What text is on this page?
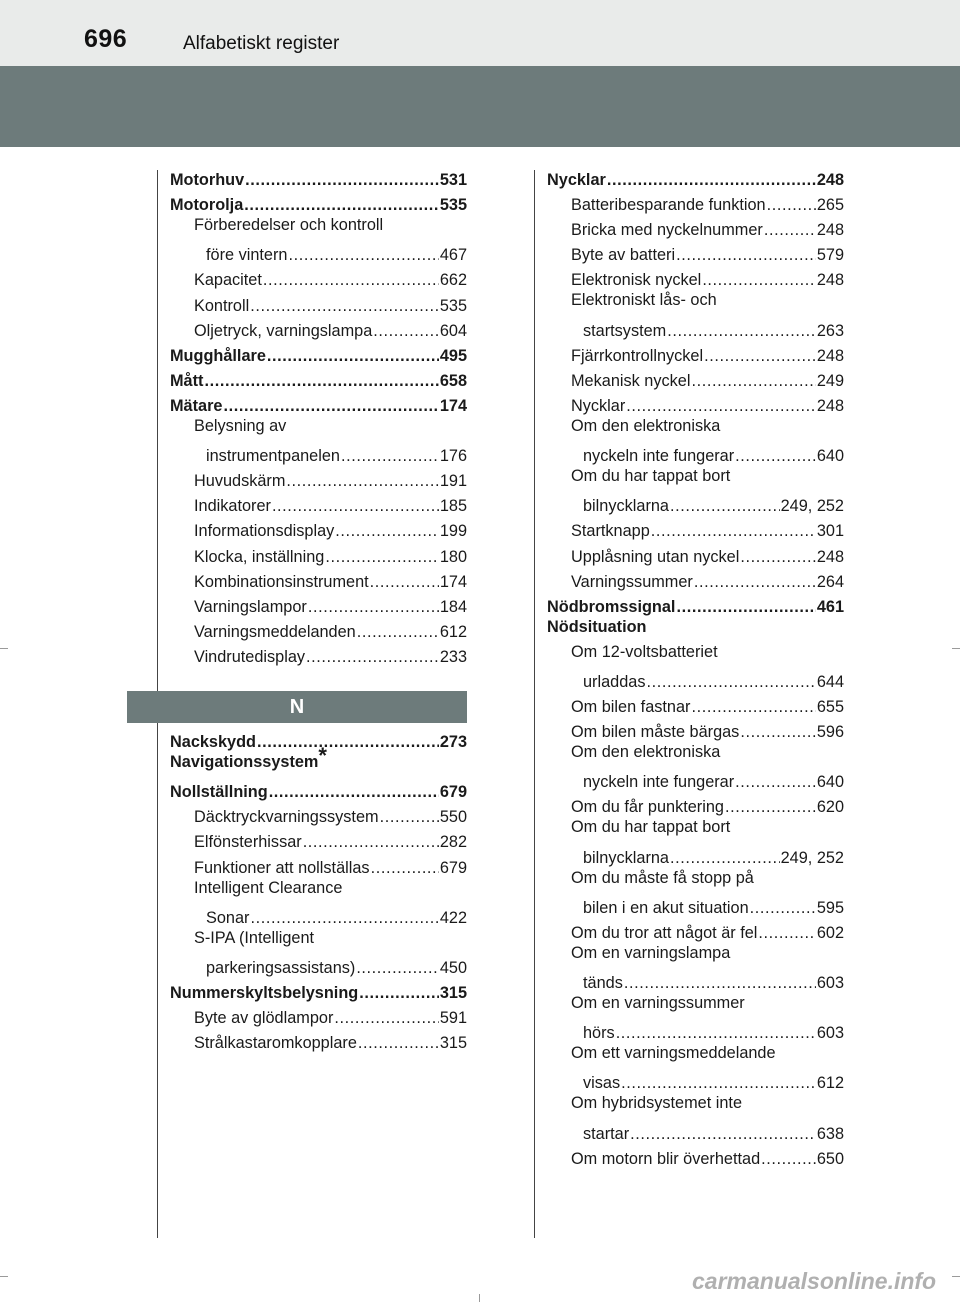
696	Alfabetiskt register
Motorhuv .....	531
Motorolja .....	535
Förberedelser och kontroll
före vintern .....	467
Kapacitet .....	662
Kontroll .....	535
Oljetryck, varningslampa .....	604
Mugghållare .....	495
Mått .....	658
Mätare .....	174
Belysning av
instrumentpanelen .....	176
Huvudskärm .....	191
Indikatorer .....	185
Informationsdisplay .....	199
Klocka, inställning .....	180
Kombinationsinstrument .....	174
Varningslampor .....	184
Varningsmeddelanden .....	612
Vindrutedisplay .....	233
N
Nackskydd .....	273
Navigationssystem*
Nollställning .....	679
Däcktryckvarningssystem .....	550
Elfönsterhissar .....	282
Funktioner att nollställas .....	679
Intelligent Clearance
Sonar .....	422
S-IPA (Intelligent
parkeringsassistans) .....	450
Nummerskyltsbelysning .....	315
Byte av glödlampor .....	591
Strålkastaromkopplare .....	315
Nycklar .....	248
Batteribesparande funktion .....	265
Bricka med nyckelnummer .....	248
Byte av batteri .....	579
Elektronisk nyckel .....	248
Elektroniskt lås- och
startsystem .....	263
Fjärrkontrollnyckel .....	248
Mekanisk nyckel .....	249
Nycklar .....	248
Om den elektroniska
nyckeln inte fungerar .....	640
Om du har tappat bort
bilnycklarna .....	249, 252
Startknapp .....	301
Upplåsning utan nyckel .....	248
Varningssummer .....	264
Nödbromssignal .....	461
Nödsituation
Om 12-voltsbatteriet
urladdas .....	644
Om bilen fastnar .....	655
Om bilen måste bärgas .....	596
Om den elektroniska
nyckeln inte fungerar .....	640
Om du får punktering .....	620
Om du har tappat bort
bilnycklarna .....	249, 252
Om du måste få stopp på
bilen i en akut situation .....	595
Om du tror att något är fel .....	602
Om en varningslampa
tänds .....	603
Om en varningssummer
hörs .....	603
Om ett varningsmeddelande
visas .....	612
Om hybridsystemet inte
startar .....	638
Om motorn blir överhettad .....	650
carmanualsonline.info
